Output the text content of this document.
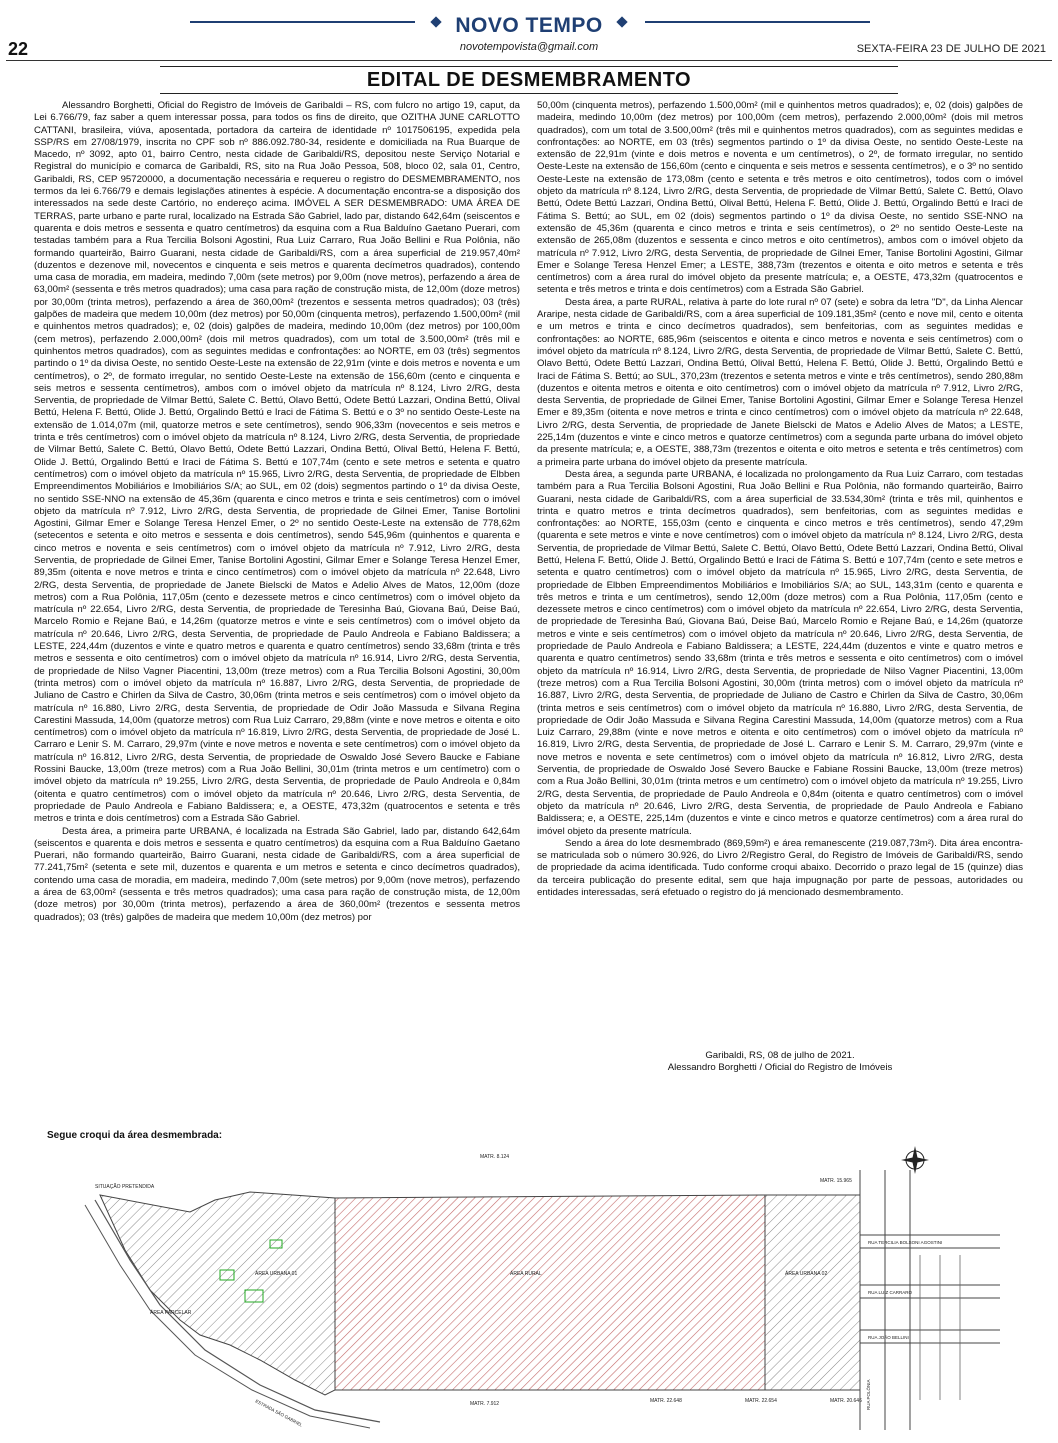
22
NOVO TEMPO
novotempovista@gmail.com	SEXTA-FEIRA 23 DE JULHO DE 2021
EDITAL DE DESMEMBRAMENTO

Alessandro Borghetti, Oficial do Registro de Imóveis de Garibaldi – RS, com fulcro no artigo 19, caput, da Lei 6.766/79, faz saber a quem interessar possa, para todos os fins de direito, que OZITHA JUNE CARLOTTO CATTANI, brasileira, viúva, aposentada, portadora da carteira de identidade nº 1017506195, expedida pela SSP/RS em 27/08/1979, inscrita no CPF sob nº 886.092.780-34, residente e domiciliada na Rua Buarque de Macedo, nº 3092, apto 01, bairro Centro, nesta cidade de Garibaldi/RS, depositou neste Serviço Notarial e Registral do município e comarca de Garibaldi, RS, sito na Rua João Pessoa, 508, bloco 02, sala 01, Centro, Garibaldi, RS, CEP 95720000, a documentação necessária e requereu o registro do DESMEMBRAMENTO, nos termos da lei 6.766/79 e demais legislações atinentes à espécie. A documentação encontra-se a disposição dos interessados na sede deste Cartório, no endereço acima. IMÓVEL A SER DESMEMBRADO: UMA ÁREA DE TERRAS, parte urbano e parte rural, localizado na Estrada São Gabriel, lado par, distando 642,64m (seiscentos e quarenta e dois metros e sessenta e quatro centímetros) da esquina com a Rua Balduíno Gaetano Puerari, com testadas também para a Rua Tercilia Bolsoni Agostini, Rua Luiz Carraro, Rua João Bellini e Rua Polônia, não formando quarteirão, Bairro Guarani, nesta cidade de Garibaldi/RS, com a área superficial de 219.957,40m² (duzentos e dezenove mil, novecentos e cinquenta e seis metros e quarenta decímetros quadrados), contendo uma casa de moradia, em madeira, medindo 7,00m (sete metros) por 9,00m (nove metros), perfazendo a área de 63,00m² (sessenta e três metros quadrados); uma casa para ração de construção mista, de 12,00m (doze metros) por 30,00m (trinta metros), perfazendo a área de 360,00m² (trezentos e sessenta metros quadrados); 03 (três) galpões de madeira que medem 10,00m (dez metros) por 50,00m (cinquenta metros), perfazendo 1.500,00m² (mil e quinhentos metros quadrados); e, 02 (dois) galpões de madeira, medindo 10,00m (dez metros) por 100,00m (cem metros), perfazendo 2.000,00m² (dois mil metros quadrados), com um total de 3.500,00m² (três mil e quinhentos metros quadrados), com as seguintes medidas e confrontações: ao NORTE, em 03 (três) segmentos partindo o 1º da divisa Oeste, no sentido Oeste-Leste na extensão de 22,91m (vinte e dois metros e noventa e um centímetros), o 2º, de formato irregular, no sentido Oeste-Leste na extensão de 156,60m (cento e cinquenta e seis metros e sessenta centímetros), ambos com o imóvel objeto da matrícula nº 8.124, Livro 2/RG, desta Serventia, de propriedade de Vilmar Bettú, Salete C. Bettú, Olavo Bettú, Odete Bettú Lazzari, Ondina Bettú, Olival Bettú, Helena F. Bettú, Olide J. Bettú, Orgalindo Bettú e Iraci de Fátima S. Bettú e o 3º no sentido Oeste-Leste na extensão de 1.014,07m (mil, quatorze metros e sete centímetros), sendo 906,33m (novecentos e seis metros e trinta e três centímetros) com o imóvel objeto da matrícula nº 8.124, Livro 2/RG, desta Serventia, de propriedade de Vilmar Bettú, Salete C. Bettú, Olavo Bettú, Odete Bettú Lazzari, Ondina Bettú, Olival Bettú, Helena F. Bettú, Olide J. Bettú, Orgalindo Bettú e Iraci de Fátima S. Bettú e 107,74m (cento e sete metros e setenta e quatro centímetros) com o imóvel objeto da matrícula nº 15.965, Livro 2/RG, desta Serventia, de propriedade de Elbben Empreendimentos Mobiliários e Imobiliários S/A; ao SUL, em 02 (dois) segmentos partindo o 1º da divisa Oeste, no sentido SSE-NNO na extensão de 45,36m (quarenta e cinco metros e trinta e seis centímetros) com o imóvel objeto da matrícula nº 7.912, Livro 2/RG, desta Serventia, de propriedade de Gilnei Emer, Tanise Bortolini Agostini, Gilmar Emer e Solange Teresa Henzel Emer, o 2º no sentido Oeste-Leste na extensão de 778,62m (setecentos e setenta e oito metros e sessenta e dois centímetros), sendo 545,96m (quinhentos e quarenta e cinco metros e noventa e seis centímetros) com o imóvel objeto da matrícula nº 7.912, Livro 2/RG, desta Serventia, de propriedade de Gilnei Emer, Tanise Bortolini Agostini, Gilmar Emer e Solange Teresa Henzel Emer, 89,35m (oitenta e nove metros e trinta e cinco centímetros) com o imóvel objeto da matrícula nº 22.648, Livro 2/RG, desta Serventia, de propriedade de Janete Bielscki de Matos e Adelio Alves de Matos, 12,00m (doze metros) com a Rua Polônia, 117,05m (cento e dezessete metros e cinco centímetros) com o imóvel objeto da matrícula nº 22.654, Livro 2/RG, desta Serventia, de propriedade de Teresinha Baú, Giovana Baú, Deise Baú, Marcelo Romio e Rejane Baú, e 14,26m (quatorze metros e vinte e seis centímetros) com o imóvel objeto da matrícula nº 20.646, Livro 2/RG, desta Serventia, de propriedade de Paulo Andreola e Fabiano Baldissera; a LESTE, 224,44m (duzentos e vinte e quatro metros e quarenta e quatro centímetros) sendo 33,68m (trinta e três metros e sessenta e oito centímetros) com o imóvel objeto da matrícula nº 16.914, Livro 2/RG, desta Serventia, de propriedade de Nilso Vagner Piacentini, 13,00m (treze metros) com a Rua Tercilia Bolsoni Agostini, 30,00m (trinta metros) com o imóvel objeto da matrícula nº 16.887, Livro 2/RG, desta Serventia, de propriedade de Juliano de Castro e Chirlen da Silva de Castro, 30,06m (trinta metros e seis centímetros) com o imóvel objeto da matrícula nº 16.880, Livro 2/RG, desta Serventia, de propriedade de Odir João Massuda e Silvana Regina Carestini Massuda, 14,00m (quatorze metros) com Rua Luiz Carraro, 29,88m (vinte e nove metros e oitenta e oito centímetros) com o imóvel objeto da matrícula nº 16.819, Livro 2/RG, desta Serventia, de propriedade de José L. Carraro e Lenir S. M. Carraro, 29,97m (vinte e nove metros e noventa e sete centímetros) com o imóvel objeto da matrícula nº 16.812, Livro 2/RG, desta Serventia, de propriedade de Oswaldo José Severo Baucke e Fabiane Rossini Baucke, 13,00m (treze metros) com a Rua João Bellini, 30,01m (trinta metros e um centímetro) com o imóvel objeto da matrícula nº 19.255, Livro 2/RG, desta Serventia, de propriedade de Paulo Andreola e 0,84m (oitenta e quatro centímetros) com o imóvel objeto da matrícula nº 20.646, Livro 2/RG, desta Serventia, de propriedade de Paulo Andreola e Fabiano Baldissera; e, a OESTE, 473,32m (quatrocentos e setenta e três metros e trinta e dois centímetros) com a Estrada São Gabriel.

Desta área, a primeira parte URBANA, é localizada na Estrada São Gabriel, lado par, distando 642,64m (seiscentos e quarenta e dois metros e sessenta e quatro centímetros) da esquina com a Rua Balduíno Gaetano Puerari, não formando quarteirão, Bairro Guarani, nesta cidade de Garibaldi/RS, com a área superficial de 77.241,75m² (setenta e sete mil, duzentos e quarenta e um metros e setenta e cinco decímetros quadrados), contendo uma casa de moradia, em madeira, medindo 7,00m (sete metros) por 9,00m (nove metros), perfazendo a área de 63,00m² (sessenta e três metros quadrados); uma casa para ração de construção mista, de 12,00m (doze metros) por 30,00m (trinta metros), perfazendo a área de 360,00m² (trezentos e sessenta metros quadrados); 03 (três) galpões de madeira que medem 10,00m (dez metros) por

50,00m (cinquenta metros), perfazendo 1.500,00m² (mil e quinhentos metros quadrados); e, 02 (dois) galpões de madeira, medindo 10,00m (dez metros) por 100,00m (cem metros), perfazendo 2.000,00m² (dois mil metros quadrados), com um total de 3.500,00m² (três mil e quinhentos metros quadrados), com as seguintes medidas e confrontações: ao NORTE, em 03 (três) segmentos partindo o 1º da divisa Oeste, no sentido Oeste-Leste na extensão de 22,91m (vinte e dois metros e noventa e um centímetros), o 2º, de formato irregular, no sentido Oeste-Leste na extensão de 156,60m (cento e cinquenta e seis metros e sessenta centímetros), e o 3º no sentido Oeste-Leste na extensão de 173,08m (cento e setenta e três metros e oito centímetros), todos com o imóvel objeto da matrícula nº 8.124, Livro 2/RG, desta Serventia, de propriedade de Vilmar Bettú, Salete C. Bettú, Olavo Bettú, Odete Bettú Lazzari, Ondina Bettú, Olival Bettú, Helena F. Bettú, Olide J. Bettú, Orgalindo Bettú e Iraci de Fátima S. Bettú; ao SUL, em 02 (dois) segmentos partindo o 1º da divisa Oeste, no sentido SSE-NNO na extensão de 45,36m (quarenta e cinco metros e trinta e seis centímetros), o 2º no sentido Oeste-Leste na extensão de 265,08m (duzentos e sessenta e cinco metros e oito centímetros), ambos com o imóvel objeto da matrícula nº 7.912, Livro 2/RG, desta Serventia, de propriedade de Gilnei Emer, Tanise Bortolini Agostini, Gilmar Emer e Solange Teresa Henzel Emer; a LESTE, 388,73m (trezentos e oitenta e oito metros e setenta e três centímetros) com a área rural do imóvel objeto da presente matrícula; e, a OESTE, 473,32m (quatrocentos e setenta e três metros e trinta e dois centímetros) com a Estrada São Gabriel.

Desta área, a parte RURAL, relativa à parte do lote rural nº 07 (sete) e sobra da letra "D", da Linha Alencar Araripe, nesta cidade de Garibaldi/RS, com a área superficial de 109.181,35m² (cento e nove mil, cento e oitenta e um metros e trinta e cinco decímetros quadrados), sem benfeitorias, com as seguintes medidas e confrontações: ao NORTE, 685,96m (seiscentos e oitenta e cinco metros e noventa e seis centímetros) com o imóvel objeto da matrícula nº 8.124, Livro 2/RG, desta Serventia, de propriedade de Vilmar Bettú, Salete C. Bettú, Olavo Bettú, Odete Bettú Lazzari, Ondina Bettú, Olival Bettú, Helena F. Bettú, Olide J. Bettú, Orgalindo Bettú e Iraci de Fátima S. Bettú; ao SUL, 370,23m (trezentos e setenta metros e vinte e três centímetros), sendo 280,88m (duzentos e oitenta metros e oitenta e oito centímetros) com o imóvel objeto da matrícula nº 7.912, Livro 2/RG, desta Serventia, de propriedade de Gilnei Emer, Tanise Bortolini Agostini, Gilmar Emer e Solange Teresa Henzel Emer e 89,35m (oitenta e nove metros e trinta e cinco centímetros) com o imóvel objeto da matrícula nº 22.648, Livro 2/RG, desta Serventia, de propriedade de Janete Bielscki de Matos e Adelio Alves de Matos; a LESTE, 225,14m (duzentos e vinte e cinco metros e quatorze centímetros) com a segunda parte urbana do imóvel objeto da presente matrícula; e, a OESTE, 388,73m (trezentos e oitenta e oito metros e setenta e três centímetros) com a primeira parte urbana do imóvel objeto da presente matrícula.

Desta área, a segunda parte URBANA, é localizada no prolongamento da Rua Luiz Carraro, com testadas também para a Rua Tercilia Bolsoni Agostini, Rua João Bellini e Rua Polônia, não formando quarteirão, Bairro Guarani, nesta cidade de Garibaldi/RS, com a área superficial de 33.534,30m² (trinta e três mil, quinhentos e trinta e quatro metros e trinta decímetros quadrados), sem benfeitorias, com as seguintes medidas e confrontações: ao NORTE, 155,03m (cento e cinquenta e cinco metros e três centímetros), sendo 47,29m (quarenta e sete metros e vinte e nove centímetros) com o imóvel objeto da matrícula nº 8.124, Livro 2/RG, desta Serventia, de propriedade de Vilmar Bettú, Salete C. Bettú, Olavo Bettú, Odete Bettú Lazzari, Ondina Bettú, Olival Bettú, Helena F. Bettú, Olide J. Bettú, Orgalindo Bettú e Iraci de Fátima S. Bettú e 107,74m (cento e sete metros e setenta e quatro centímetros) com o imóvel objeto da matrícula nº 15.965, Livro 2/RG, desta Serventia, de propriedade de Elbben Empreendimentos Mobiliários e Imobiliários S/A; ao SUL, 143,31m (cento e quarenta e três metros e trinta e um centímetros), sendo 12,00m (doze metros) com a Rua Polônia, 117,05m (cento e dezessete metros e cinco centímetros) com o imóvel objeto da matrícula nº 22.654, Livro 2/RG, desta Serventia, de propriedade de Teresinha Baú, Giovana Baú, Deise Baú, Marcelo Romio e Rejane Baú, e 14,26m (quatorze metros e vinte e seis centímetros) com o imóvel objeto da matrícula nº 20.646, Livro 2/RG, desta Serventia, de propriedade de Paulo Andreola e Fabiano Baldissera; a LESTE, 224,44m (duzentos e vinte e quatro metros e quarenta e quatro centímetros) sendo 33,68m (trinta e três metros e sessenta e oito centímetros) com o imóvel objeto da matrícula nº 16.914, Livro 2/RG, desta Serventia, de propriedade de Nilso Vagner Piacentini, 13,00m (treze metros) com a Rua Tercilia Bolsoni Agostini, 30,00m (trinta metros) com o imóvel objeto da matrícula nº 16.887, Livro 2/RG, desta Serventia, de propriedade de Juliano de Castro e Chirlen da Silva de Castro, 30,06m (trinta metros e seis centímetros) com o imóvel objeto da matrícula nº 16.880, Livro 2/RG, desta Serventia, de propriedade de Odir João Massuda e Silvana Regina Carestini Massuda, 14,00m (quatorze metros) com a Rua Luiz Carraro, 29,88m (vinte e nove metros e oitenta e oito centímetros) com o imóvel objeto da matrícula nº 16.819, Livro 2/RG, desta Serventia, de propriedade de José L. Carraro e Lenir S. M. Carraro, 29,97m (vinte e nove metros e noventa e sete centímetros) com o imóvel objeto da matrícula nº 16.812, Livro 2/RG, desta Serventia, de propriedade de Oswaldo José Severo Baucke e Fabiane Rossini Baucke, 13,00m (treze metros) com a Rua João Bellini, 30,01m (trinta metros e um centímetro) com o imóvel objeto da matrícula nº 19.255, Livro 2/RG, desta Serventia, de propriedade de Paulo Andreola e 0,84m (oitenta e quatro centímetros) com o imóvel objeto da matrícula nº 20.646, Livro 2/RG, desta Serventia, de propriedade de Paulo Andreola e Fabiano Baldissera; e, a OESTE, 225,14m (duzentos e vinte e cinco metros e quatorze centímetros) com a área rural do imóvel objeto da presente matrícula.

Sendo a área do lote desmembrado (869,59m²) e área remanescente (219.087,73m²). Dita área encontra-se matriculada sob o número 30.926, do Livro 2/Registro Geral, do Registro de Imóveis de Garibaldi/RS, sendo de propriedade da acima identificada. Tudo conforme croqui abaixo. Decorrido o prazo legal de 15 (quinze) dias da terceira publicação do presente edital, sem que haja impugnação por parte de pessoas, autoridades ou entidades interessadas, será efetuado o registro do já mencionado desmembramento.

Garibaldi, RS, 08 de julho de 2021.
Alessandro Borghetti / Oficial do Registro de Imóveis
Segue croqui da área desmembrada:
SITUAÇÃO PRETENDIDA
ÁREA URBANA 01	ÁREA RURAL	ÁREA URBANA 02
ÁREA PARCELAR
MATR. 8.124
MATR. 15.965
MATR. 7.912	MATR. 22.648	MATR. 22.654	MATR. 20.646
RUA TERCILIA BOLSONI AGOSTINI
RUA LUIZ CARRARO
RUA JOÃO BELLINI
RUA POLÔNIA
ESTRADA SÃO GABRIEL
